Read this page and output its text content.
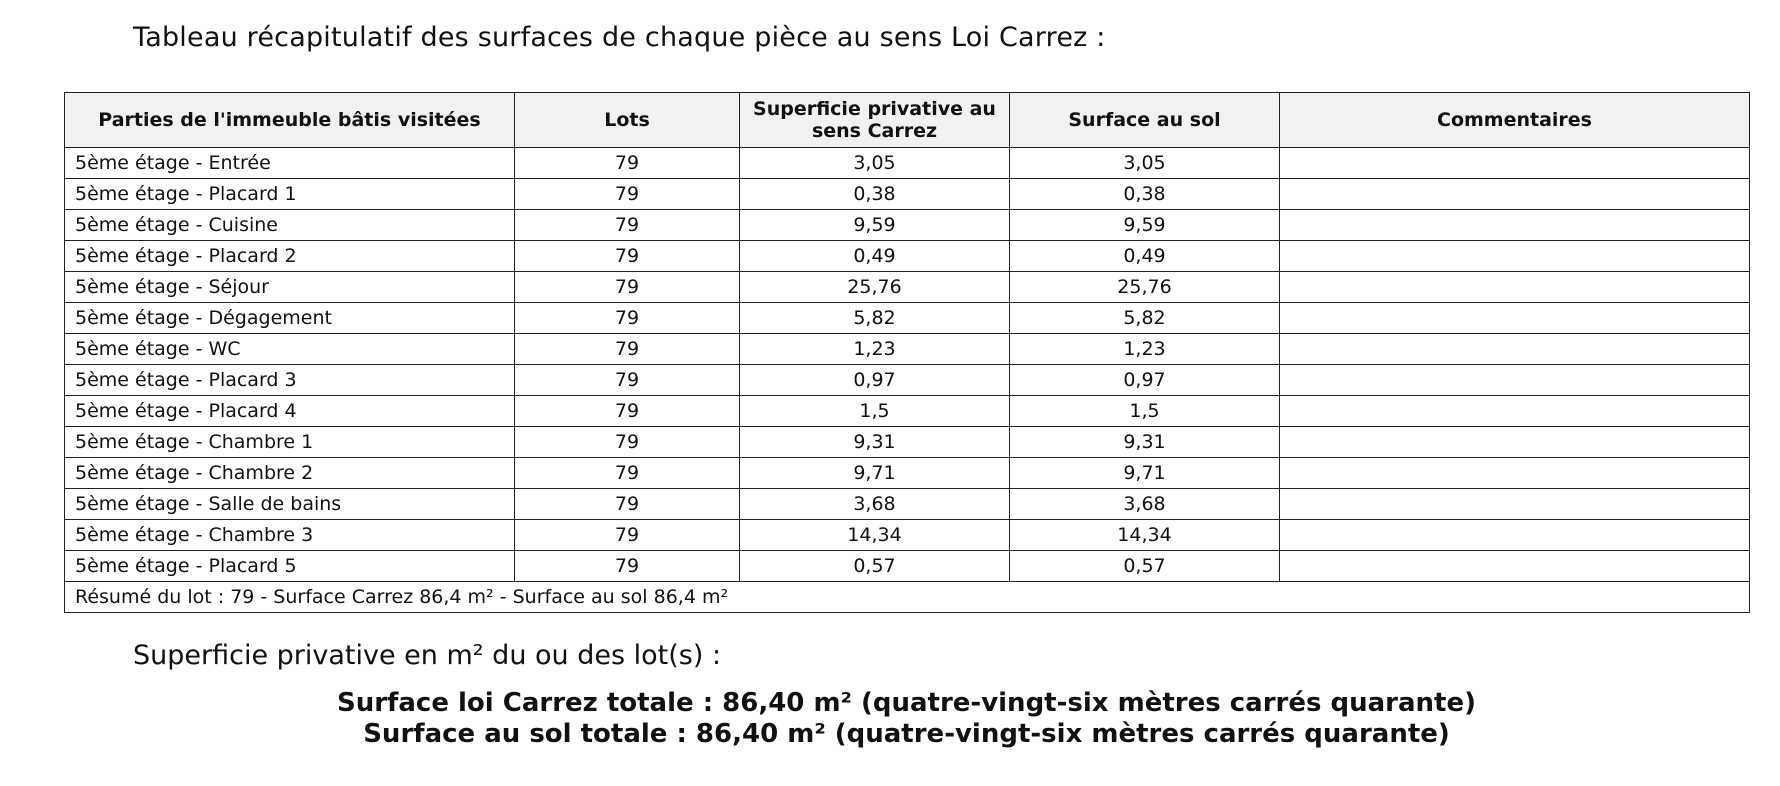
Tableau récapitulatif des surfaces de chaque pièce au sens Loi Carrez :
Parties de l'immeuble bâtis visitées	Lots	Superficie privative au sens Carrez	Surface au sol	Commentaires
5ème étage - Entrée	79	3,05	3,05	
5ème étage - Placard 1	79	0,38	0,38	
5ème étage - Cuisine	79	9,59	9,59	
5ème étage - Placard 2	79	0,49	0,49	
5ème étage - Séjour	79	25,76	25,76	
5ème étage - Dégagement	79	5,82	5,82	
5ème étage - WC	79	1,23	1,23	
5ème étage - Placard 3	79	0,97	0,97	
5ème étage - Placard 4	79	1,5	1,5	
5ème étage - Chambre 1	79	9,31	9,31	
5ème étage - Chambre 2	79	9,71	9,71	
5ème étage - Salle de bains	79	3,68	3,68	
5ème étage - Chambre 3	79	14,34	14,34	
5ème étage - Placard 5	79	0,57	0,57	
Résumé du lot : 79 - Surface Carrez 86,4 m² - Surface au sol 86,4 m²				
Superficie privative en m² du ou des lot(s) :
Surface loi Carrez totale : 86,40 m² (quatre-vingt-six mètres carrés quarante)
Surface au sol totale : 86,40 m² (quatre-vingt-six mètres carrés quarante)
